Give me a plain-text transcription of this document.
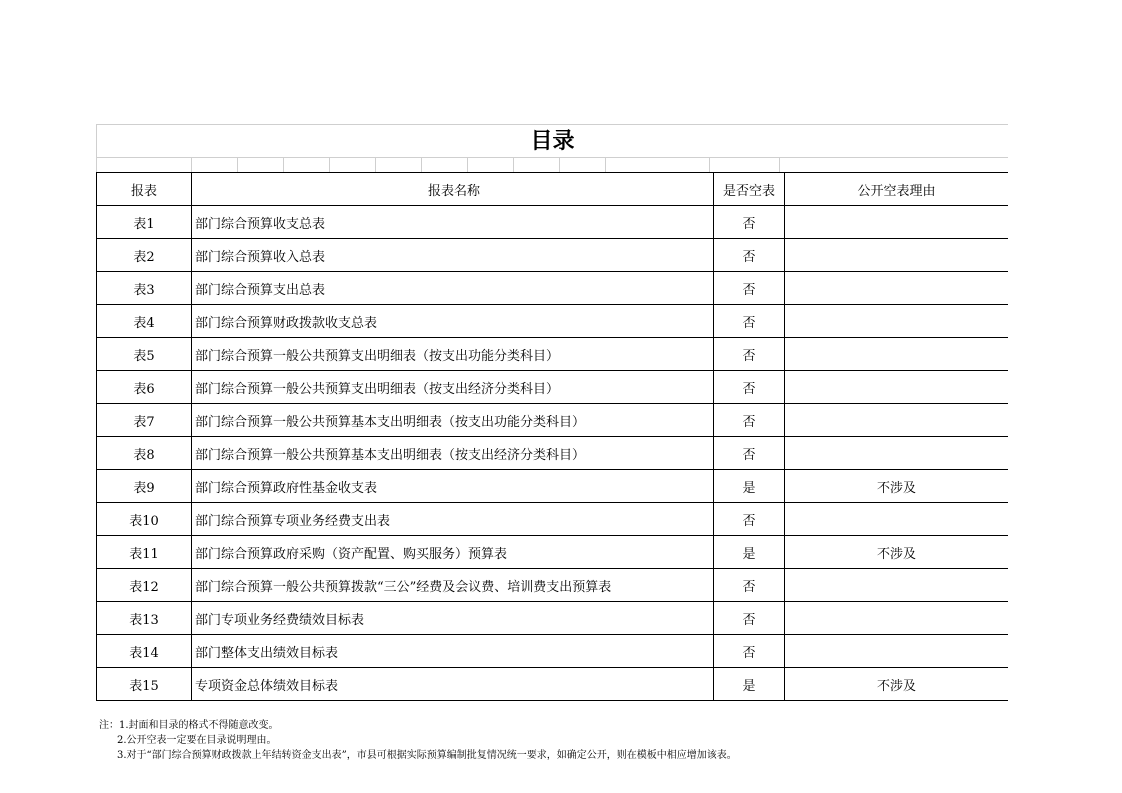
目录
报表	报表名称	是否空表	公开空表理由
表1	部门综合预算收支总表	否	
表2	部门综合预算收入总表	否	
表3	部门综合预算支出总表	否	
表4	部门综合预算财政拨款收支总表	否	
表5	部门综合预算一般公共预算支出明细表（按支出功能分类科目）	否	
表6	部门综合预算一般公共预算支出明细表（按支出经济分类科目）	否	
表7	部门综合预算一般公共预算基本支出明细表（按支出功能分类科目）	否	
表8	部门综合预算一般公共预算基本支出明细表（按支出经济分类科目）	否	
表9	部门综合预算政府性基金收支表	是	不涉及
表10	部门综合预算专项业务经费支出表	否	
表11	部门综合预算政府采购（资产配置、购买服务）预算表	是	不涉及
表12	部门综合预算一般公共预算拨款“三公”经费及会议费、培训费支出预算表	否	
表13	部门专项业务经费绩效目标表	否	
表14	部门整体支出绩效目标表	否	
表15	专项资金总体绩效目标表	是	不涉及
注：1.封面和目录的格式不得随意改变。
2.公开空表一定要在目录说明理由。
3.对于“部门综合预算财政拨款上年结转资金支出表”，市县可根据实际预算编制批复情况统一要求，如确定公开，则在模板中相应增加该表。
